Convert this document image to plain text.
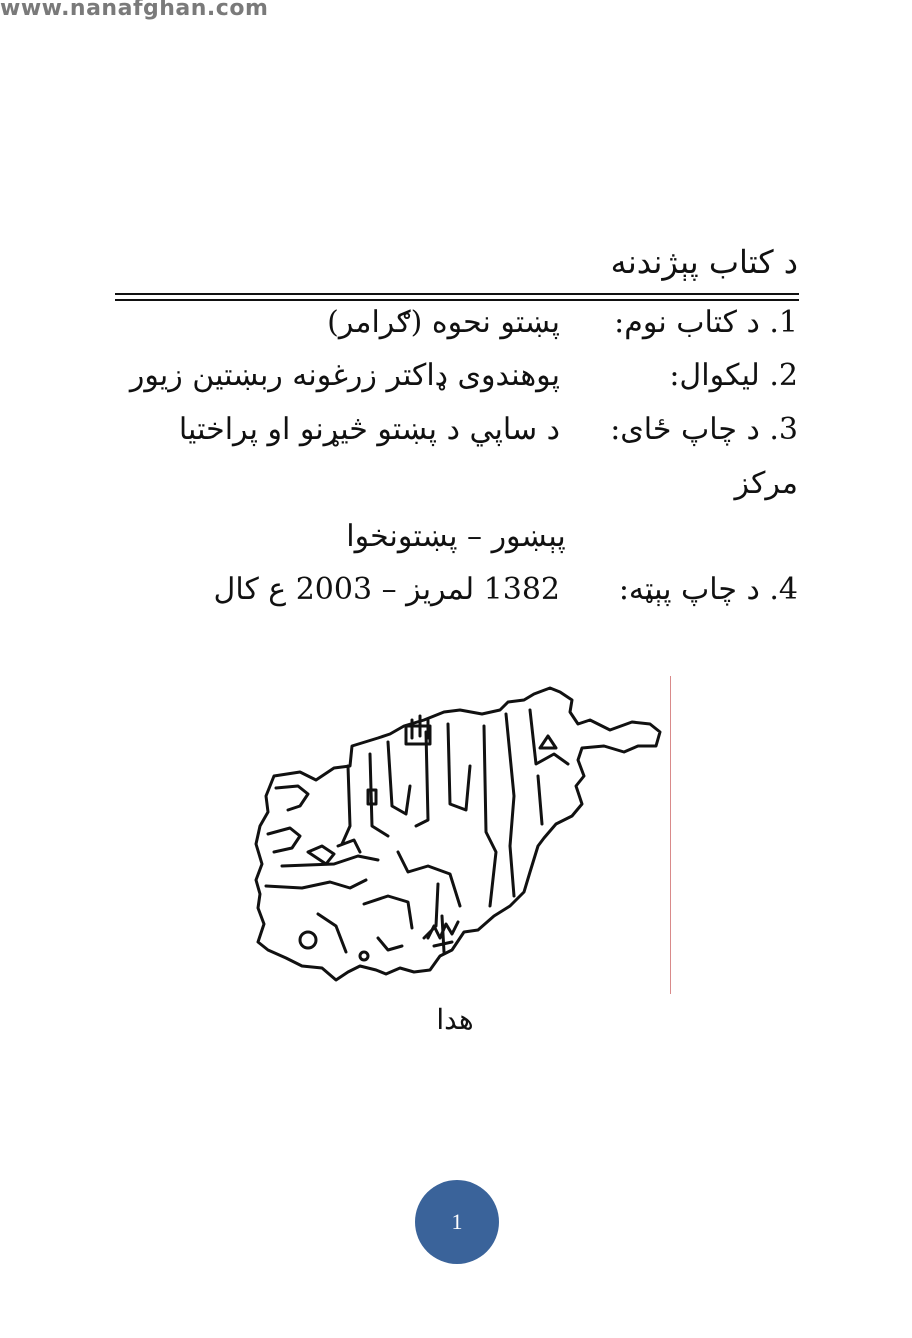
www.nanafghan.com
د کتاب پېژندنه
1. د کتاب نوم:
پښتو نحوه (ګرامر)
2. ليکوال:
پوهندوی ډاکتر زرغونه ربښتين زيور
3. د چاپ ځای:
د ساپي د پښتو څيړنو او پراختيا
مرکز
پېښور – پښتونخوا
4. د چاپ پېټه:
1382 لمريز – 2003 ع کال
هدا
1
